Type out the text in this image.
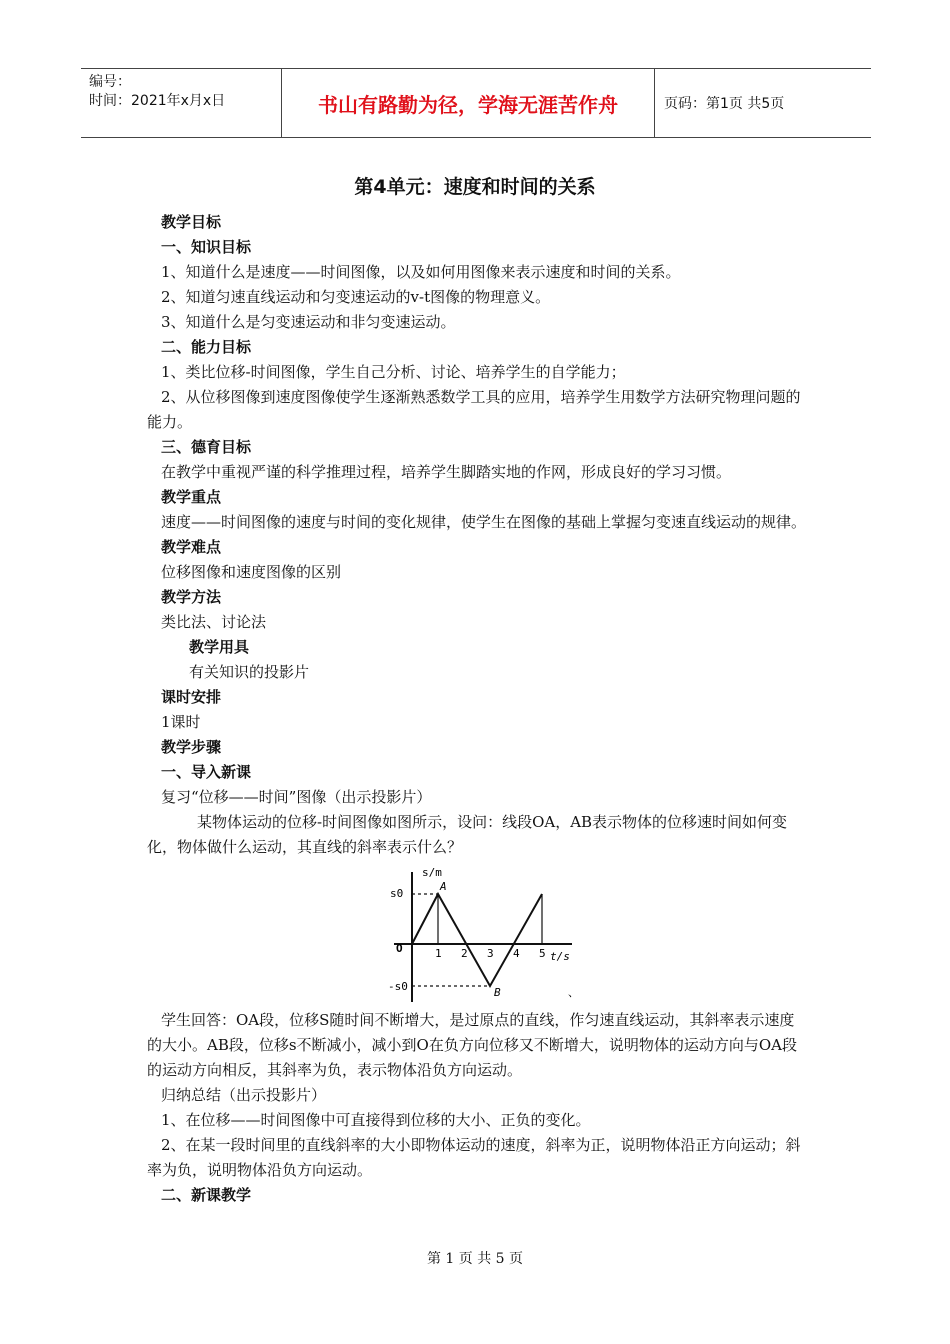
编号：
时间：2021年x月x日	书山有路勤为径，学海无涯苦作舟	页码：第1页 共5页
第4单元：速度和时间的关系

教学目标

一、知识目标

1、知道什么是速度——时间图像，以及如何用图像来表示速度和时间的关系。

2、知道匀速直线运动和匀变速运动的v-t图像的物理意义。

3、知道什么是匀变速运动和非匀变速运动。

二、能力目标

1、类比位移-时间图像，学生自己分析、讨论、培养学生的自学能力；

2、从位移图像到速度图像使学生逐渐熟悉数学工具的应用，培养学生用数学方法研究物理问题的能力。

三、德育目标

在教学中重视严谨的科学推理过程，培养学生脚踏实地的作网，形成良好的学习习惯。

教学重点

速度——时间图像的速度与时间的变化规律，使学生在图像的基础上掌握匀变速直线运动的规律。

教学难点

位移图像和速度图像的区别

教学方法

类比法、讨论法

教学用具

有关知识的投影片

课时安排

1课时

教学步骤

一、导入新课

复习“位移——时间”图像（出示投影片）

某物体运动的位移-时间图像如图所示，设问：线段OA，AB表示物体的位移速时间如何变化，物体做什么运动，其直线的斜率表示什么？

s/m
s0
-s0
O
A
B
1 2 3 4 5 t/s
、

学生回答：OA段，位移S随时间不断增大，是过原点的直线，作匀速直线运动，其斜率表示速度的大小。AB段，位移s不断减小，减小到O在负方向位移又不断增大，说明物体的运动方向与OA段的运动方向相反，其斜率为负，表示物体沿负方向运动。

归纳总结（出示投影片）

1、在位移——时间图像中可直接得到位移的大小、正负的变化。

2、在某一段时间里的直线斜率的大小即物体运动的速度，斜率为正，说明物体沿正方向运动；斜率为负，说明物体沿负方向运动。

二、新课教学

第 1 页 共 5 页
